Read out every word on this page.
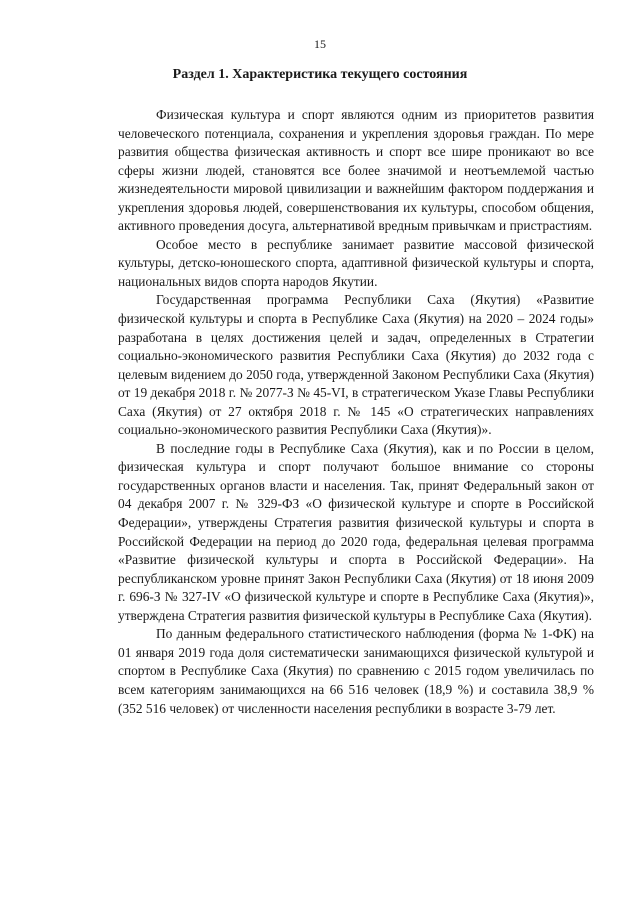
15
Раздел 1. Характеристика текущего состояния

Физическая культура и спорт являются одним из приоритетов развития человеческого потенциала, сохранения и укрепления здоровья граждан. По мере развития общества физическая активность и спорт все шире проникают во все сферы жизни людей, становятся все более значимой и неотъемлемой частью жизнедеятельности мировой цивилизации и важнейшим фактором поддержания и укрепления здоровья людей, совершенствования их культуры, способом общения, активного проведения досуга, альтернативой вредным привычкам и пристрастиям.

Особое место в республике занимает развитие массовой физической культуры, детско-юношеского спорта, адаптивной физической культуры и спорта, национальных видов спорта народов Якутии.

Государственная программа Республики Саха (Якутия) «Развитие физической культуры и спорта в Республике Саха (Якутия) на 2020 – 2024 годы» разработана в целях достижения целей и задач, определенных в Стратегии социально-экономического развития Республики Саха (Якутия) до 2032 года с целевым видением до 2050 года, утвержденной Законом Республики Саха (Якутия) от 19 декабря 2018 г. № 2077-З № 45-VI, в стратегическом Указе Главы Республики Саха (Якутия) от 27 октября 2018 г. № 145 «О стратегических направлениях социально-экономического развития Республики Саха (Якутия)».

В последние годы в Республике Саха (Якутия), как и по России в целом, физическая культура и спорт получают большое внимание со стороны государственных органов власти и населения. Так, принят Федеральный закон от 04 декабря 2007 г. № 329-ФЗ «О физической культуре и спорте в Российской Федерации», утверждены Стратегия развития физической культуры и спорта в Российской Федерации на период до 2020 года, федеральная целевая программа «Развитие физической культуры и спорта в Российской Федерации». На республиканском уровне принят Закон Республики Саха (Якутия) от 18 июня 2009 г. 696-З № 327-IV «О физической культуре и спорте в Республике Саха (Якутия)», утверждена Стратегия развития физической культуры в Республике Саха (Якутия).

По данным федерального статистического наблюдения (форма № 1-ФК) на 01 января 2019 года доля систематически занимающихся физической культурой и спортом в Республике Саха (Якутия) по сравнению с 2015 годом увеличилась по всем категориям занимающихся на 66 516 человек (18,9 %) и составила 38,9 % (352 516 человек) от численности населения республики в возрасте 3-79 лет.
